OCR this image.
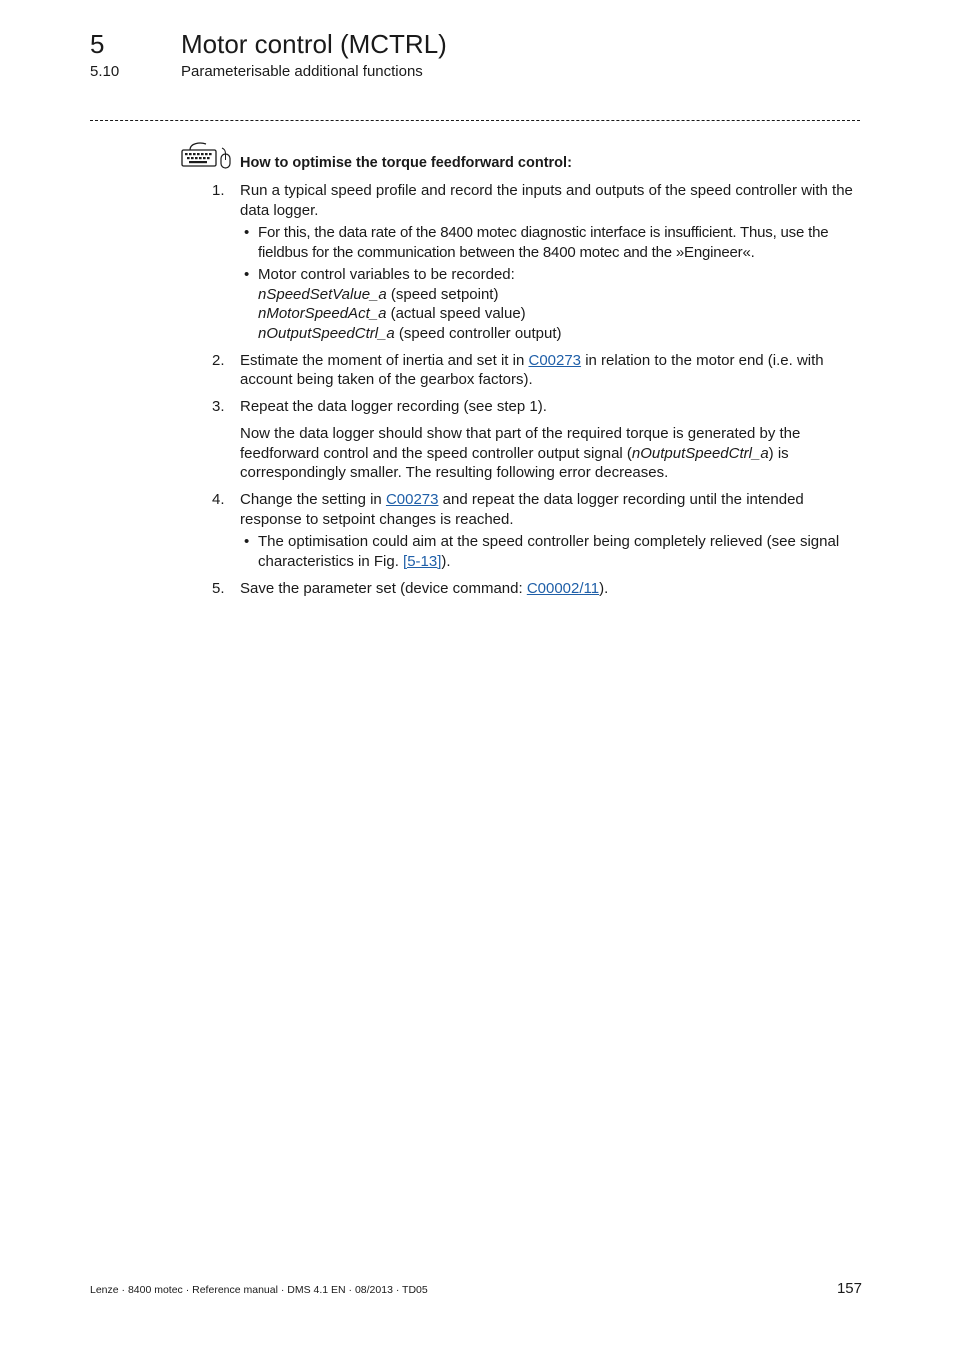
5	Motor control (MCTRL)
5.10	Parameterisable additional functions
How to optimise the torque feedforward control:
1. Run a typical speed profile and record the inputs and outputs of the speed controller with the data logger.
• For this, the data rate of the 8400 motec diagnostic interface is insufficient. Thus, use the fieldbus for the communication between the 8400 motec and the »Engineer«.
• Motor control variables to be recorded:
nSpeedSetValue_a (speed setpoint)
nMotorSpeedAct_a (actual speed value)
nOutputSpeedCtrl_a (speed controller output)
2. Estimate the moment of inertia and set it in C00273 in relation to the motor end (i.e. with account being taken of the gearbox factors).
3. Repeat the data logger recording (see step 1).
Now the data logger should show that part of the required torque is generated by the feedforward control and the speed controller output signal (nOutputSpeedCtrl_a) is correspondingly smaller. The resulting following error decreases.
4. Change the setting in C00273 and repeat the data logger recording until the intended response to setpoint changes is reached.
• The optimisation could aim at the speed controller being completely relieved (see signal characteristics in Fig. [5-13]).
5. Save the parameter set (device command: C00002/11).
Lenze · 8400 motec · Reference manual · DMS 4.1 EN · 08/2013 · TD05	157
